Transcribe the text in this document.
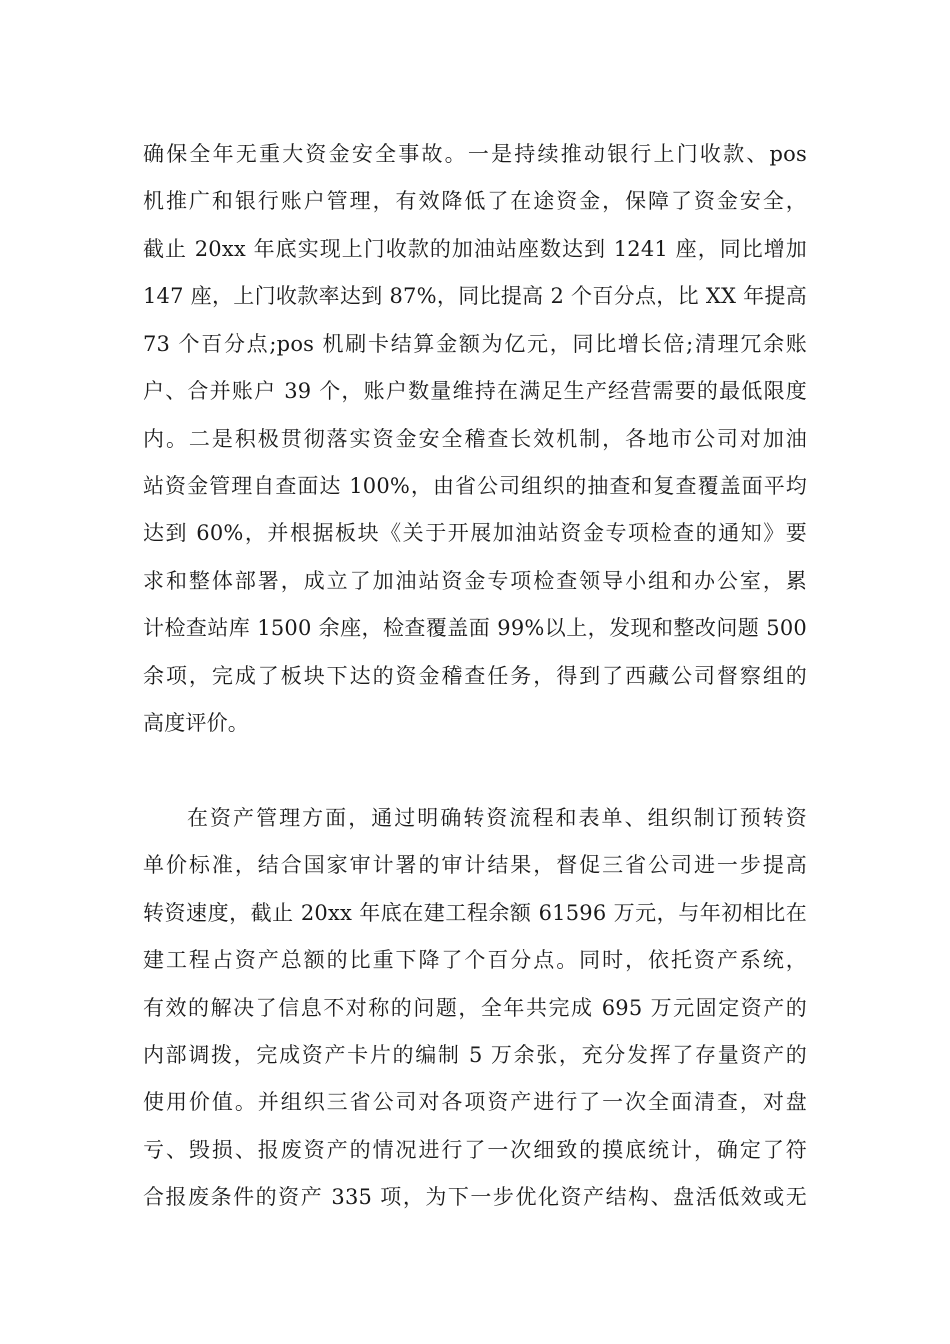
确保全年无重大资金安全事故。一是持续推动银行上门收款、pos
机推广和银行账户管理，有效降低了在途资金，保障了资金安全，
截止 20xx 年底实现上门收款的加油站座数达到 1241 座，同比增加
147 座，上门收款率达到 87%，同比提高 2 个百分点，比 XX 年提高
73 个百分点;pos 机刷卡结算金额为亿元，同比增长倍;清理冗余账
户、合并账户 39 个，账户数量维持在满足生产经营需要的最低限度
内。二是积极贯彻落实资金安全稽查长效机制，各地市公司对加油
站资金管理自查面达 100%，由省公司组织的抽查和复查覆盖面平均
达到 60%，并根据板块《关于开展加油站资金专项检查的通知》要
求和整体部署，成立了加油站资金专项检查领导小组和办公室，累
计检查站库 1500 余座，检查覆盖面 99%以上，发现和整改问题 500
余项，完成了板块下达的资金稽查任务，得到了西藏公司督察组的
高度评价。
在资产管理方面，通过明确转资流程和表单、组织制订预转资
单价标准，结合国家审计署的审计结果，督促三省公司进一步提高
转资速度，截止 20xx 年底在建工程余额 61596 万元，与年初相比在
建工程占资产总额的比重下降了个百分点。同时，依托资产系统，
有效的解决了信息不对称的问题，全年共完成 695 万元固定资产的
内部调拨，完成资产卡片的编制 5 万余张，充分发挥了存量资产的
使用价值。并组织三省公司对各项资产进行了一次全面清查，对盘
亏、毁损、报废资产的情况进行了一次细致的摸底统计，确定了符
合报废条件的资产 335 项，为下一步优化资产结构、盘活低效或无
